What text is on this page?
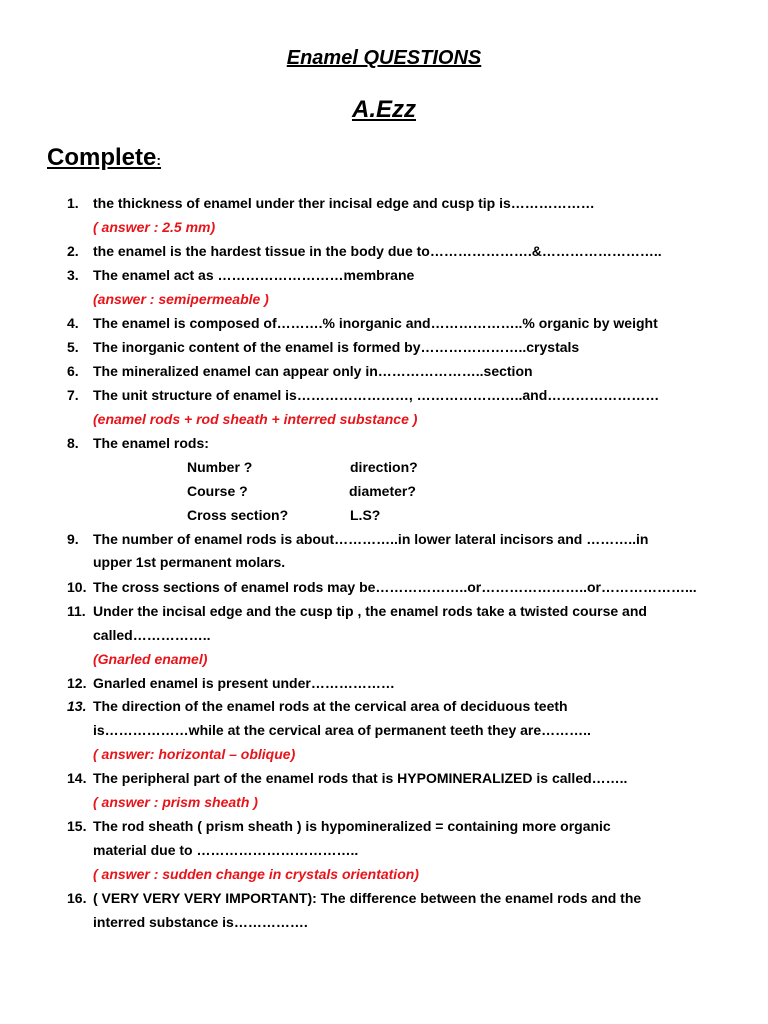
Enamel QUESTIONS
A.Ezz
Complete:
1. the thickness of enamel under ther incisal edge and cusp tip is………………
( answer : 2.5 mm)
2. the enamel is the hardest tissue in the body due to………………….&……………………..
3. The enamel act as ………………………membrane
(answer : semipermeable )
4. The enamel is composed of……….% inorganic and………………..% organic by weight
5. The inorganic content of the enamel is formed by…………………..crystals
6. The mineralized enamel can appear only in…………………..section
7. The unit structure of enamel is……………………, …………………..and……………………
(enamel rods + rod sheath + interred substance )
8. The enamel rods:
Number ?	direction?
Course ?	diameter?
Cross section?	L.S?
9. The number of enamel rods is about…………..in lower lateral incisors and ………..in
upper 1st permanent molars.
10. The cross sections of enamel rods may be………………..or…………………..or………………...
11. Under the incisal edge and the cusp tip , the enamel rods take a twisted course and
called……………..
(Gnarled enamel)
12. Gnarled enamel is present under………………
13. The direction of the enamel rods at the cervical area of deciduous teeth
is………………while at the cervical area of permanent teeth they are………..
( answer: horizontal – oblique)
14. The peripheral part of the enamel rods that is HYPOMINERALIZED is called……..
( answer : prism sheath )
15. The rod sheath ( prism sheath ) is hypomineralized = containing more organic
material due to ……………………………..
( answer : sudden change in crystals orientation)
16. ( VERY VERY VERY IMPORTANT): The difference between the enamel rods and the
interred substance is…………….
